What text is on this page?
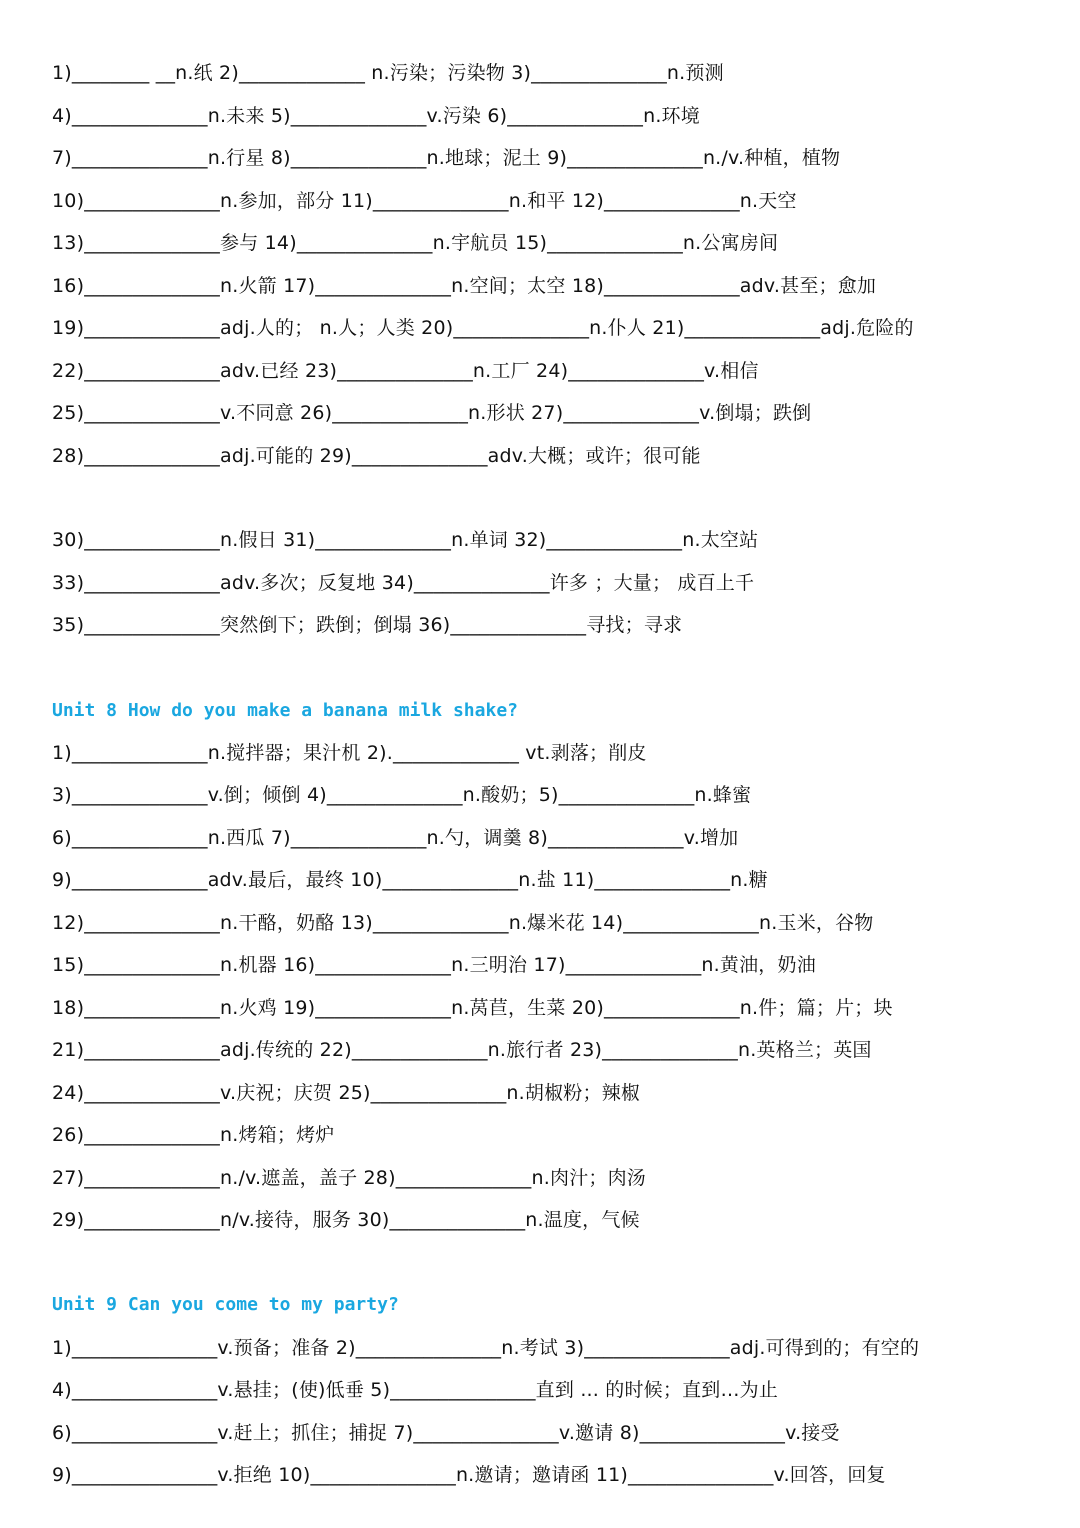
1)________ __n.纸 2)_____________ n.污染；污染物 3)______________n.预测
4)______________n.未来 5)______________v.污染 6)______________n.环境
7)______________n.行星 8)______________n.地球；泥土 9)______________n./v.种植，植物
10)______________n.参加，部分 11)______________n.和平 12)______________n.天空
13)______________参与 14)______________n.宇航员 15)______________n.公寓房间
16)______________n.火箭 17)______________n.空间；太空 18)______________adv.甚至；愈加
19)______________adj.人的； n.人；人类 20)______________n.仆人 21)______________adj.危险的
22)______________adv.已经 23)______________n.工厂 24)______________v.相信
25)______________v.不同意 26)______________n.形状 27)______________v.倒塌；跌倒
28)______________adj.可能的 29)______________adv.大概；或许；很可能
30)______________n.假日 31)______________n.单词 32)______________n.太空站
33)______________adv.多次；反复地 34)______________许多 ；大量； 成百上千
35)______________突然倒下；跌倒；倒塌 36)______________寻找；寻求
Unit 8 How do you make a banana milk shake?
1)______________n.搅拌器；果汁机 2)._____________ vt.剥落；削皮
3)______________v.倒；倾倒 4)______________n.酸奶；5)______________n.蜂蜜
6)______________n.西瓜 7)______________n.勺，调羹 8)______________v.增加
9)______________adv.最后，最终 10)______________n.盐 11)______________n.糖
12)______________n.干酪，奶酪 13)______________n.爆米花 14)______________n.玉米，谷物
15)______________n.机器 16)______________n.三明治 17)______________n.黄油，奶油
18)______________n.火鸡 19)______________n.莴苣，生菜 20)______________n.件；篇；片；块
21)______________adj.传统的 22)______________n.旅行者 23)______________n.英格兰；英国
24)______________v.庆祝；庆贺 25)______________n.胡椒粉；辣椒
26)______________n.烤箱；烤炉
27)______________n./v.遮盖，盖子 28)______________n.肉汁；肉汤
29)______________n/v.接待，服务 30)______________n.温度，气候
Unit 9 Can you come to my party?
1)_______________v.预备；准备 2)_______________n.考试 3)_______________adj.可得到的；有空的
4)_______________v.悬挂；(使)低垂 5)_______________直到 ... 的时候；直到…为止
6)_______________v.赶上；抓住；捕捉 7)_______________v.邀请 8)_______________v.接受
9)_______________v.拒绝 10)_______________n.邀请；邀请函 11)_______________v.回答，回复
